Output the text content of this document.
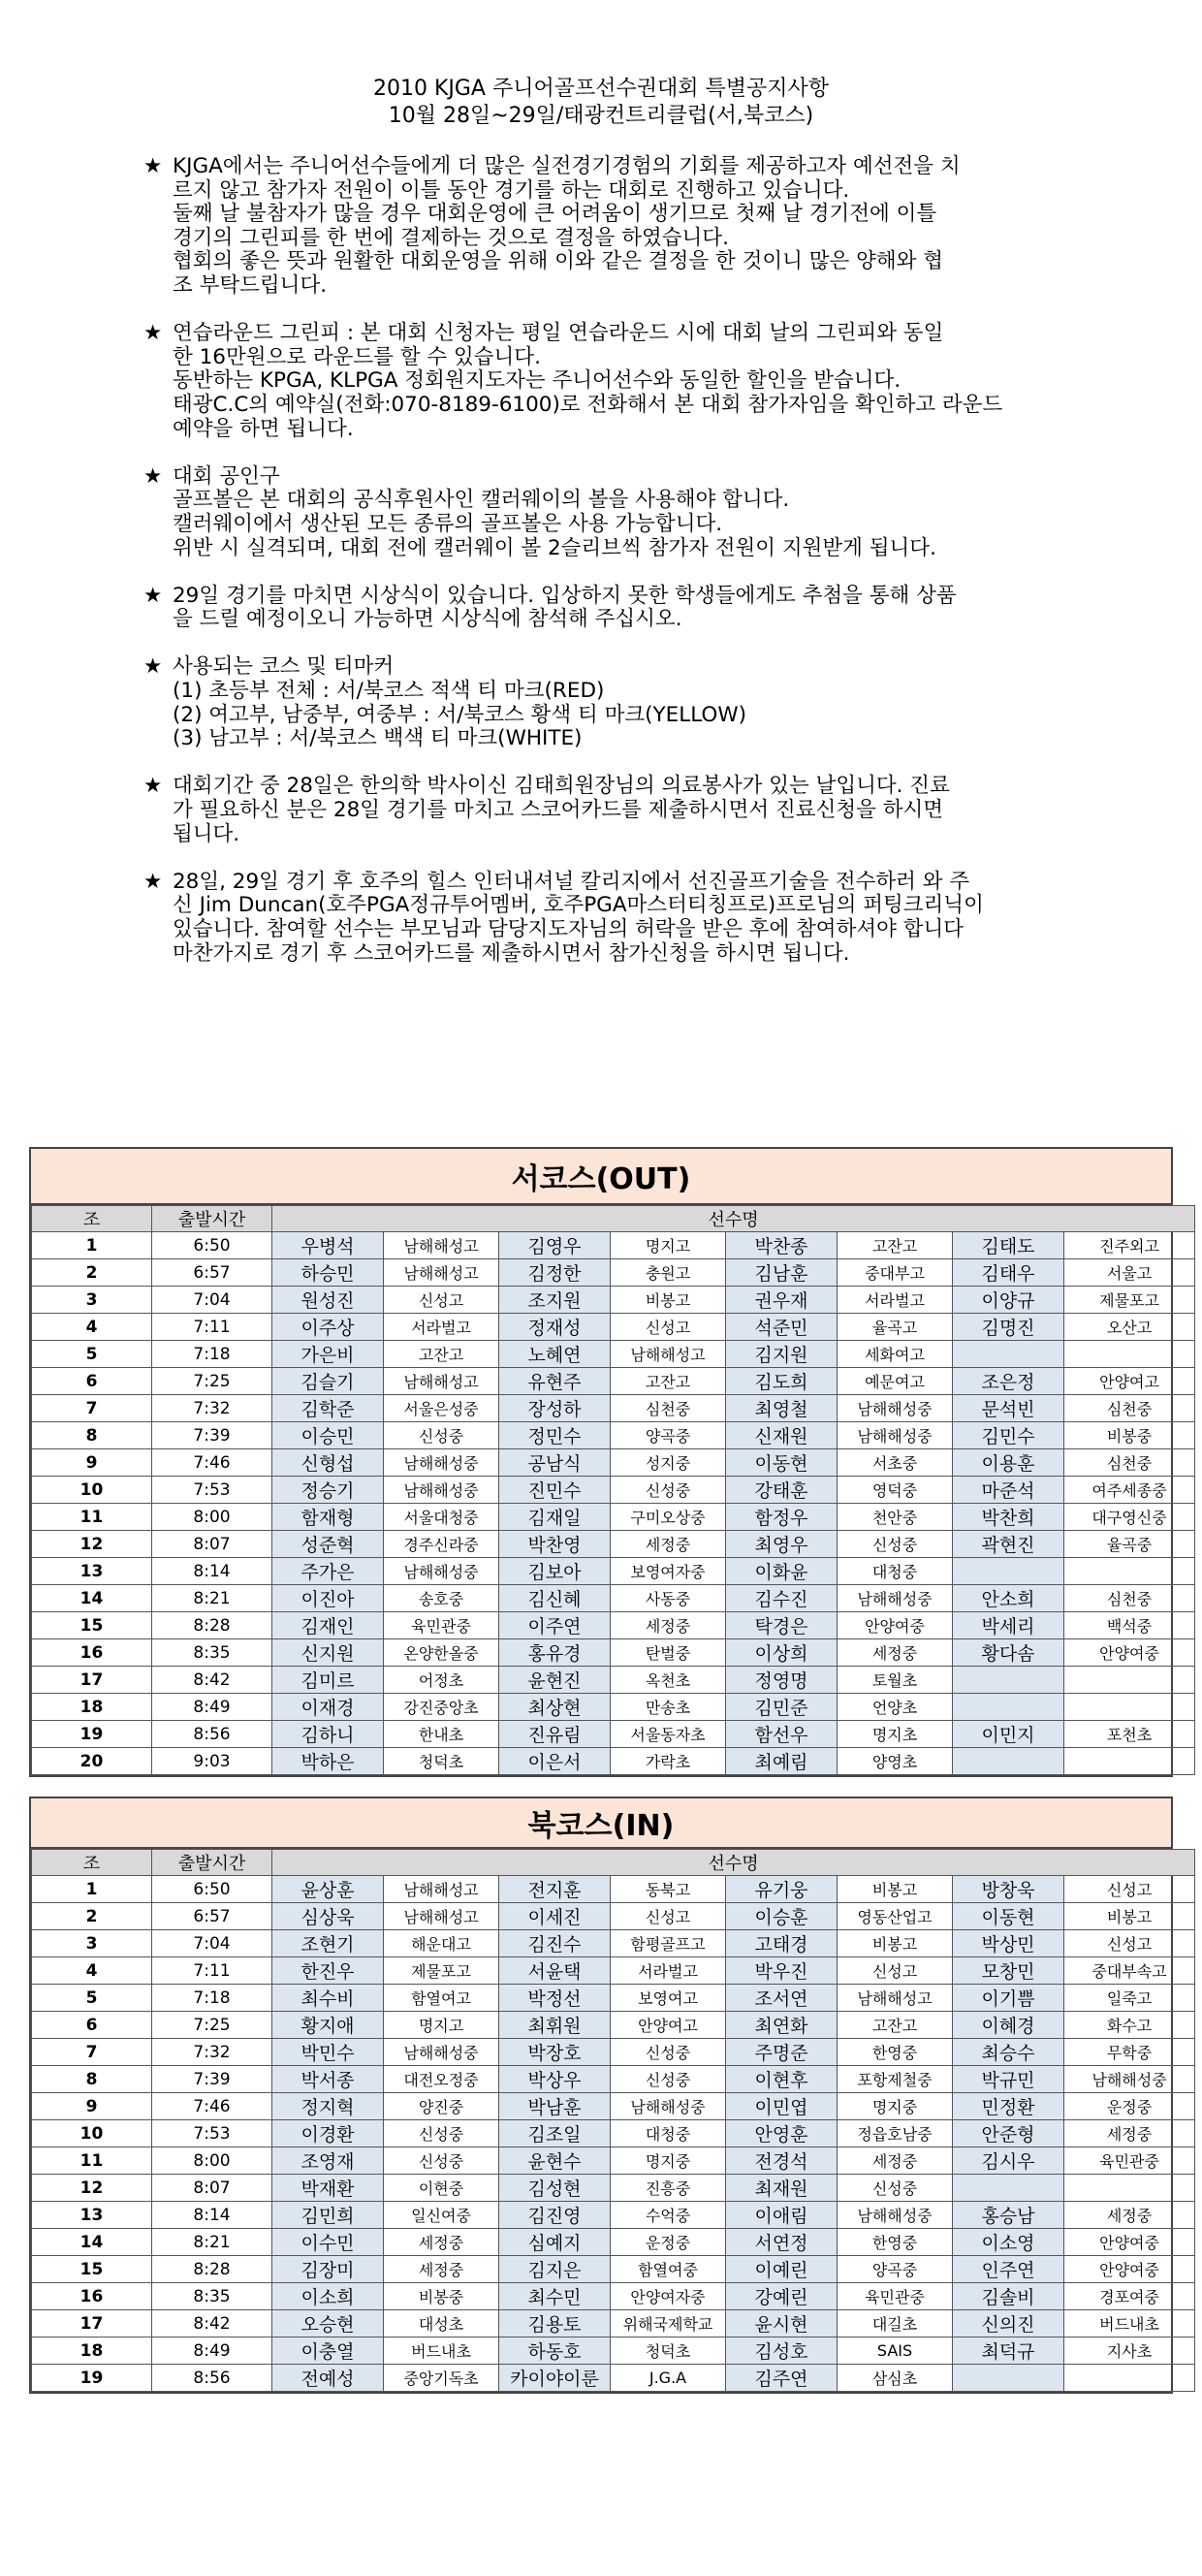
2010 KJGA 주니어골프선수권대회 특별공지사항
10월 28일~29일/태광컨트리클럽(서,북코스)
★ KJGA에서는 주니어선수들에게 더 많은 실전경기경험의 기회를 제공하고자 예선전을 치
르지 않고 참가자 전원이 이틀 동안 경기를 하는 대회로 진행하고 있습니다.
둘째 날 불참자가 많을 경우 대회운영에 큰 어려움이 생기므로 첫째 날 경기전에 이틀
경기의 그린피를 한 번에 결제하는 것으로 결정을 하였습니다.
협회의 좋은 뜻과 원활한 대회운영을 위해 이와 같은 결정을 한 것이니 많은 양해와 협
조 부탁드립니다.
★ 연습라운드 그린피 : 본 대회 신청자는 평일 연습라운드 시에 대회 날의 그린피와 동일
한 16만원으로 라운드를 할 수 있습니다.
동반하는 KPGA, KLPGA 정회원지도자는 주니어선수와 동일한 할인을 받습니다.
태광C.C의 예약실(전화:070-8189-6100)로 전화해서 본 대회 참가자임을 확인하고 라운드
예약을 하면 됩니다.
★ 대회 공인구
골프볼은 본 대회의 공식후원사인 캘러웨이의 볼을 사용해야 합니다.
캘러웨이에서 생산된 모든 종류의 골프볼은 사용 가능합니다.
위반 시 실격되며, 대회 전에 캘러웨이 볼 2슬리브씩 참가자 전원이 지원받게 됩니다.
★ 29일 경기를 마치면 시상식이 있습니다. 입상하지 못한 학생들에게도 추첨을 통해 상품
을 드릴 예정이오니 가능하면 시상식에 참석해 주십시오.
★ 사용되는 코스 및 티마커
(1) 초등부 전체 : 서/북코스 적색 티 마크(RED)
(2) 여고부, 남중부, 여중부 : 서/북코스 황색 티 마크(YELLOW)
(3) 남고부 : 서/북코스 백색 티 마크(WHITE)
★ 대회기간 중 28일은 한의학 박사이신 김태희원장님의 의료봉사가 있는 날입니다. 진료
가 필요하신 분은 28일 경기를 마치고 스코어카드를 제출하시면서 진료신청을 하시면
됩니다.
★ 28일, 29일 경기 후 호주의 힐스 인터내셔널 칼리지에서 선진골프기술을 전수하러 와 주
신 Jim Duncan(호주PGA정규투어멤버, 호주PGA마스터티칭프로)프로님의 퍼팅크리닉이
있습니다. 참여할 선수는 부모님과 담당지도자님의 허락을 받은 후에 참여하셔야 합니다
마찬가지로 경기 후 스코어카드를 제출하시면서 참가신청을 하시면 됩니다.
서코스(OUT)
조	출발시간	선수명							
1	6:50	우병석	남해해성고	김영우	명지고	박찬종	고잔고	김태도	진주외고
2	6:57	하승민	남해해성고	김정한	충원고	김남훈	중대부고	김태우	서울고
3	7:04	원성진	신성고	조지원	비봉고	권우재	서라벌고	이양규	제물포고
4	7:11	이주상	서라벌고	정재성	신성고	석준민	율곡고	김명진	오산고
5	7:18	가은비	고잔고	노혜연	남해해성고	김지원	세화여고		
6	7:25	김슬기	남해해성고	유현주	고잔고	김도희	예문여고	조은정	안양여고
7	7:32	김학준	서울은성중	장성하	심천중	최영철	남해해성중	문석빈	심천중
8	7:39	이승민	신성중	정민수	양곡중	신재원	남해해성중	김민수	비봉중
9	7:46	신형섭	남해해성중	공남식	성지중	이동현	서초중	이용훈	심천중
10	7:53	정승기	남해해성중	진민수	신성중	강태훈	영덕중	마준석	여주세종중
11	8:00	함재형	서울대청중	김재일	구미오상중	함정우	천안중	박찬희	대구영신중
12	8:07	성준혁	경주신라중	박찬영	세정중	최영우	신성중	곽현진	율곡중
13	8:14	주가은	남해해성중	김보아	보영여자중	이화윤	대청중		
14	8:21	이진아	송호중	김신혜	사동중	김수진	남해해성중	안소희	심천중
15	8:28	김재인	육민관중	이주연	세정중	탁경은	안양여중	박세리	백석중
16	8:35	신지원	온양한올중	홍유경	탄벌중	이상희	세정중	황다솜	안양여중
17	8:42	김미르	어정초	윤현진	옥천초	정영명	토월초		
18	8:49	이재경	강진중앙초	최상현	만송초	김민준	언양초		
19	8:56	김하니	한내초	진유림	서울동자초	함선우	명지초	이민지	포천초
20	9:03	박하은	청덕초	이은서	가락초	최예림	양영초		
북코스(IN)
조	출발시간	선수명							
1	6:50	윤상훈	남해해성고	전지훈	동북고	유기웅	비봉고	방창욱	신성고
2	6:57	심상욱	남해해성고	이세진	신성고	이승훈	영동산업고	이동현	비봉고
3	7:04	조현기	해운대고	김진수	함평골프고	고태경	비봉고	박상민	신성고
4	7:11	한진우	제물포고	서윤택	서라벌고	박우진	신성고	모창민	중대부속고
5	7:18	최수비	함열여고	박정선	보영여고	조서연	남해해성고	이기쁨	일죽고
6	7:25	황지애	명지고	최휘원	안양여고	최연화	고잔고	이혜경	화수고
7	7:32	박민수	남해해성중	박장호	신성중	주명준	한영중	최승수	무학중
8	7:39	박서종	대전오정중	박상우	신성중	이현후	포항제철중	박규민	남해해성중
9	7:46	정지혁	양진중	박남훈	남해해성중	이민엽	명지중	민정환	운정중
10	7:53	이경환	신성중	김조일	대청중	안영훈	정읍호남중	안준형	세정중
11	8:00	조영재	신성중	윤현수	명지중	전경석	세정중	김시우	육민관중
12	8:07	박재환	이현중	김성현	진흥중	최재원	신성중		
13	8:14	김민희	일신여중	김진영	수억중	이애림	남해해성중	홍승남	세정중
14	8:21	이수민	세정중	심예지	운정중	서연정	한영중	이소영	안양여중
15	8:28	김장미	세정중	김지은	함열여중	이예린	양곡중	인주연	안양여중
16	8:35	이소희	비봉중	최수민	안양여자중	강예린	육민관중	김솔비	경포여중
17	8:42	오승현	대성초	김용토	위해국제학교	윤시현	대길초	신의진	버드내초
18	8:49	이충열	버드내초	하동호	청덕초	김성호	SAIS	최덕규	지사초
19	8:56	전예성	중앙기독초	카이야이룬	J.G.A	김주연	삼심초		
